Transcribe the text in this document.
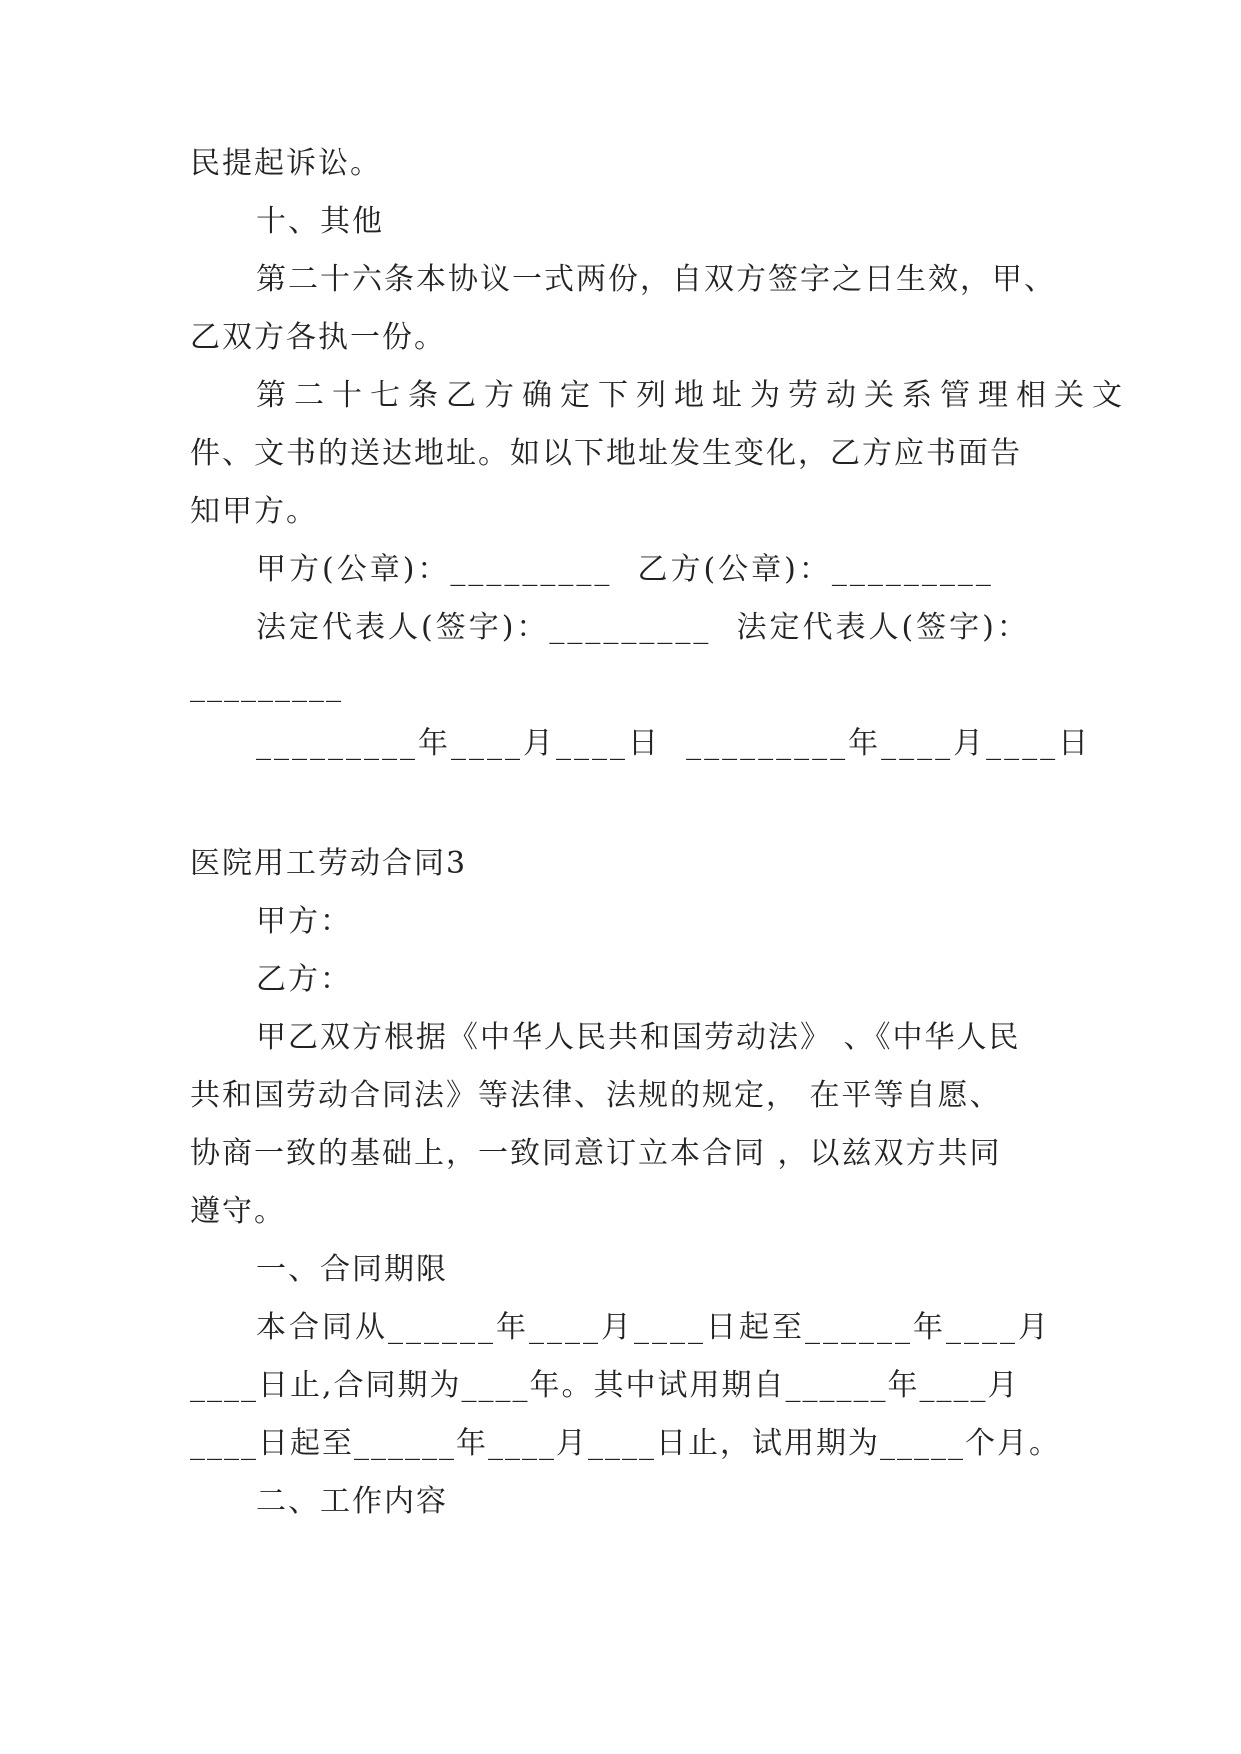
民提起诉讼。
十、其他
第二十六条本协议一式两份，自双方签字之日生效，甲、
乙双方各执一份。
第二十七条乙方确定下列地址为劳动关系管理相关文
件、文书的送达地址。如以下地址发生变化，乙方应书面告
知甲方。
甲方(公章)：_________  乙方(公章)：_________
法定代表人(签字)：_________  法定代表人(签字)：
_________
_________年____月____日  _________年____月____日
医院用工劳动合同3
甲方：
乙方：
甲乙双方根据《中华人民共和国劳动法》 、《中华人民
共和国劳动合同法》等法律、法规的规定， 在平等自愿、
协商一致的基础上，一致同意订立本合同 ，以兹双方共同
遵守。
一、合同期限
本合同从______年____月____日起至______年____月
____日止,合同期为____年。其中试用期自______年____月
____日起至______年____月____日止，试用期为_____个月。
二、工作内容
